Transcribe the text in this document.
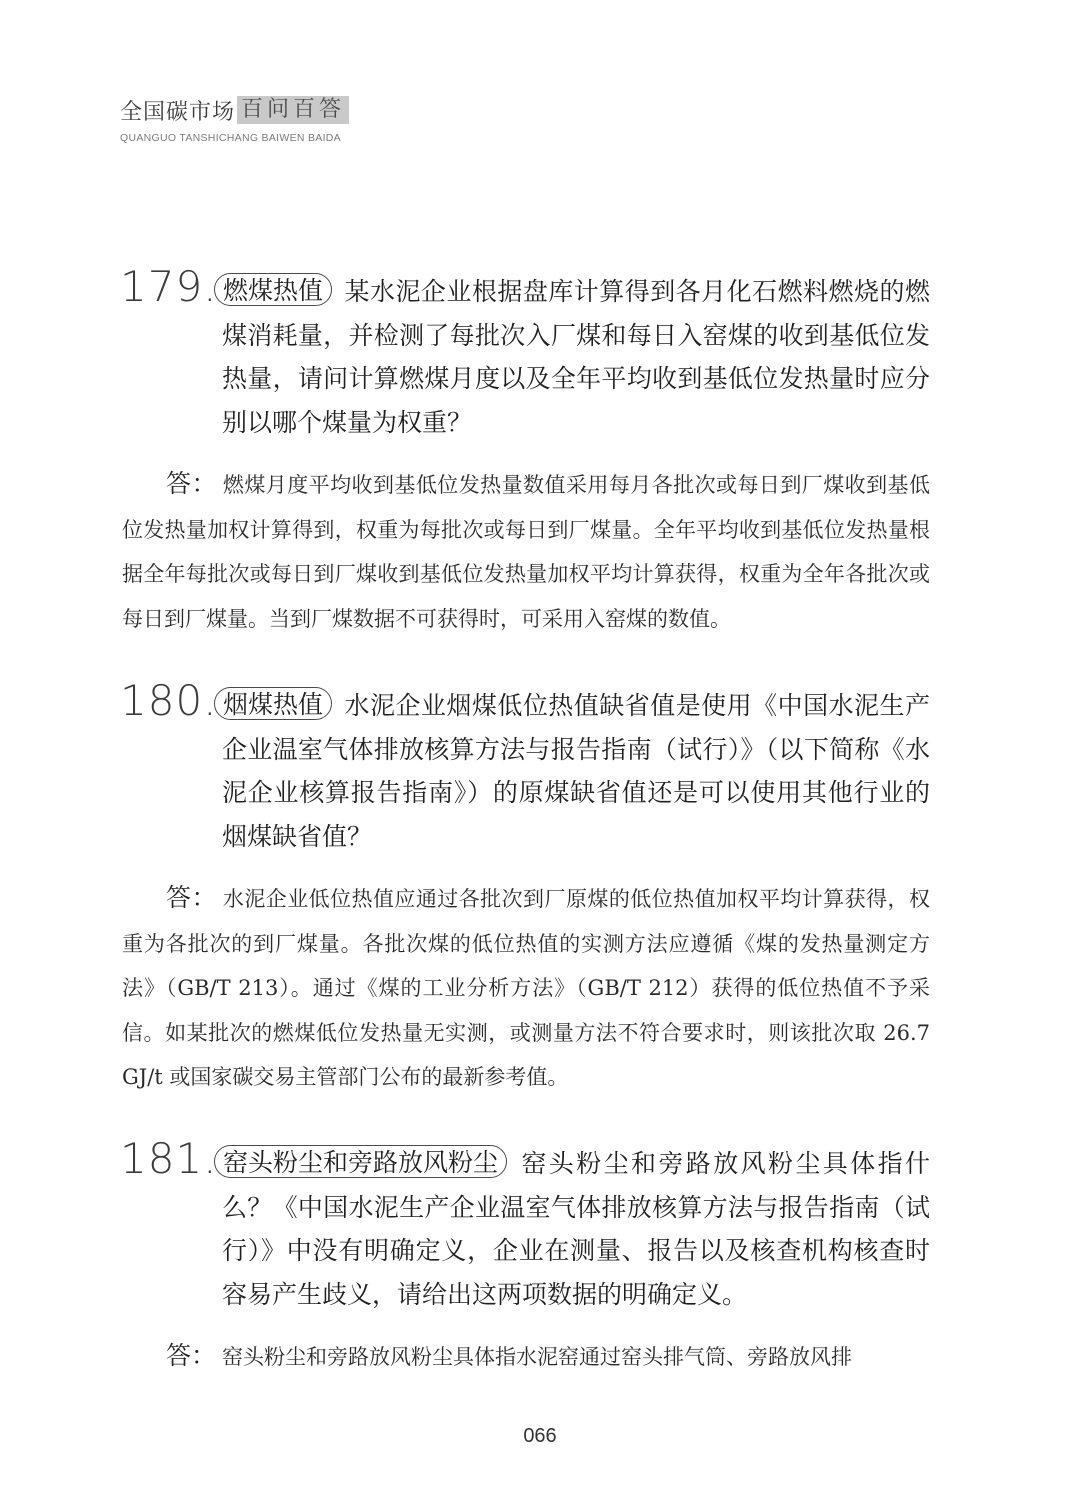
全国碳市场 百问百答
QUANGUO TANSHICHANG BAIWEN BAIDA
179. 燃煤热值 某水泥企业根据盘库计算得到各月化石燃料燃烧的燃煤消耗量，并检测了每批次入厂煤和每日入窑煤的收到基低位发热量，请问计算燃煤月度以及全年平均收到基低位发热量时应分别以哪个煤量为权重？
答： 燃煤月度平均收到基低位发热量数值采用每月各批次或每日到厂煤收到基低位发热量加权计算得到，权重为每批次或每日到厂煤量。全年平均收到基低位发热量根据全年每批次或每日到厂煤收到基低位发热量加权平均计算获得，权重为全年各批次或每日到厂煤量。当到厂煤数据不可获得时，可采用入窑煤的数值。
180. 烟煤热值 水泥企业烟煤低位热值缺省值是使用《中国水泥生产企业温室气体排放核算方法与报告指南（试行）》（以下简称《水泥企业核算报告指南》）的原煤缺省值还是可以使用其他行业的烟煤缺省值？
答： 水泥企业低位热值应通过各批次到厂原煤的低位热值加权平均计算获得，权重为各批次的到厂煤量。各批次煤的低位热值的实测方法应遵循《煤的发热量测定方法》（GB/T 213）。通过《煤的工业分析方法》（GB/T 212）获得的低位热值不予采信。如某批次的燃煤低位发热量无实测，或测量方法不符合要求时，则该批次取 26.7 GJ/t 或国家碳交易主管部门公布的最新参考值。
181. 窑头粉尘和旁路放风粉尘 窑头粉尘和旁路放风粉尘具体指什么？《中国水泥生产企业温室气体排放核算方法与报告指南（试行）》中没有明确定义，企业在测量、报告以及核查机构核查时容易产生歧义，请给出这两项数据的明确定义。
答： 窑头粉尘和旁路放风粉尘具体指水泥窑通过窑头排气筒、旁路放风排
066
